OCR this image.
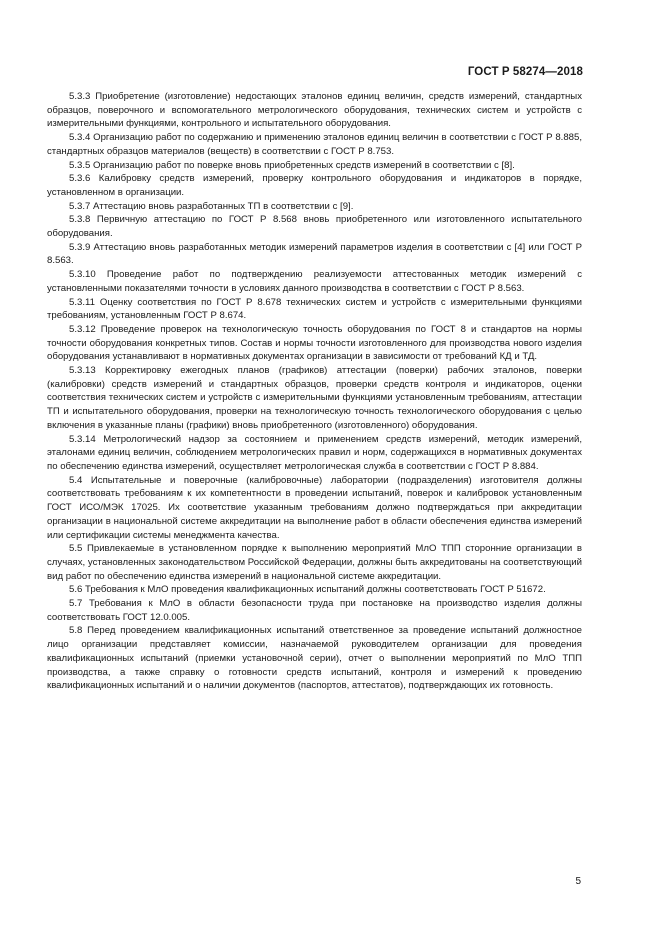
ГОСТ Р 58274—2018

5.3.3 Приобретение (изготовление) недостающих эталонов единиц величин, средств измерений, стандартных образцов, поверочного и вспомогательного метрологического оборудования, технических систем и устройств с измерительными функциями, контрольного и испытательного оборудования.

5.3.4 Организацию работ по содержанию и применению эталонов единиц величин в соответствии с ГОСТ Р 8.885, стандартных образцов материалов (веществ) в соответствии с ГОСТ Р 8.753.

5.3.5 Организацию работ по поверке вновь приобретенных средств измерений в соответствии с [8].

5.3.6 Калибровку средств измерений, проверку контрольного оборудования и индикаторов в порядке, установленном в организации.

5.3.7 Аттестацию вновь разработанных ТП в соответствии с [9].

5.3.8 Первичную аттестацию по ГОСТ Р 8.568 вновь приобретенного или изготовленного испытательного оборудования.

5.3.9 Аттестацию вновь разработанных методик измерений параметров изделия в соответствии с [4] или ГОСТ Р 8.563.

5.3.10 Проведение работ по подтверждению реализуемости аттестованных методик измерений с установленными показателями точности в условиях данного производства в соответствии с ГОСТ Р 8.563.

5.3.11 Оценку соответствия по ГОСТ Р 8.678 технических систем и устройств с измерительными функциями требованиям, установленным ГОСТ Р 8.674.

5.3.12 Проведение проверок на технологическую точность оборудования по ГОСТ 8 и стандартов на нормы точности оборудования конкретных типов. Состав и нормы точности изготовленного для производства нового изделия оборудования устанавливают в нормативных документах организации в зависимости от требований КД и ТД.

5.3.13 Корректировку ежегодных планов (графиков) аттестации (поверки) рабочих эталонов, поверки (калибровки) средств измерений и стандартных образцов, проверки средств контроля и индикаторов, оценки соответствия технических систем и устройств с измерительными функциями установленным требованиям, аттестации ТП и испытательного оборудования, проверки на технологическую точность технологического оборудования с целью включения в указанные планы (графики) вновь приобретенного (изготовленного) оборудования.

5.3.14 Метрологический надзор за состоянием и применением средств измерений, методик измерений, эталонами единиц величин, соблюдением метрологических правил и норм, содержащихся в нормативных документах по обеспечению единства измерений, осуществляет метрологическая служба в соответствии с ГОСТ Р 8.884.

5.4 Испытательные и поверочные (калибровочные) лаборатории (подразделения) изготовителя должны соответствовать требованиям к их компетентности в проведении испытаний, поверок и калибровок установленным ГОСТ ИСО/МЭК 17025. Их соответствие указанным требованиям должно подтверждаться при аккредитации организации в национальной системе аккредитации на выполнение работ в области обеспечения единства измерений или сертификации системы менеджмента качества.

5.5 Привлекаемые в установленном порядке к выполнению мероприятий МлО ТПП сторонние организации в случаях, установленных законодательством Российской Федерации, должны быть аккредитованы на соответствующий вид работ по обеспечению единства измерений в национальной системе аккредитации.

5.6 Требования к МлО проведения квалификационных испытаний должны соответствовать ГОСТ Р 51672.

5.7 Требования к МлО в области безопасности труда при постановке на производство изделия должны соответствовать ГОСТ 12.0.005.

5.8 Перед проведением квалификационных испытаний ответственное за проведение испытаний должностное лицо организации представляет комиссии, назначаемой руководителем организации для проведения квалификационных испытаний (приемки установочной серии), отчет о выполнении мероприятий по МлО ТПП производства, а также справку о готовности средств испытаний, контроля и измерений к проведению квалификационных испытаний и о наличии документов (паспортов, аттестатов), подтверждающих их готовность.

5
